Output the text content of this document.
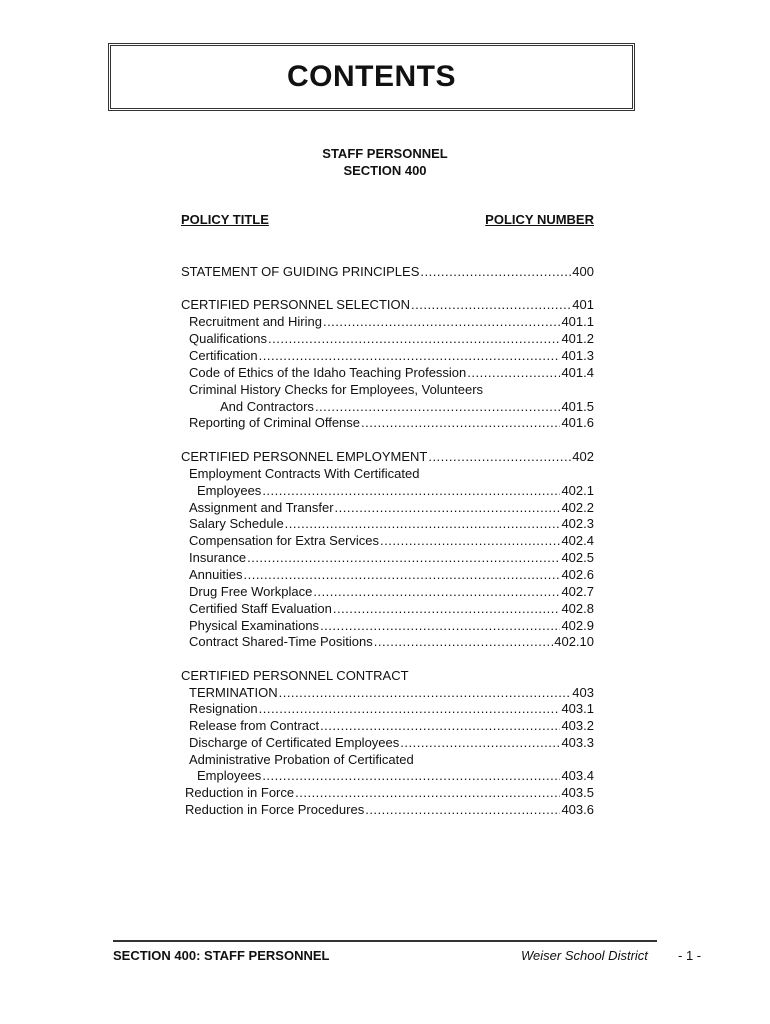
CONTENTS
STAFF PERSONNEL
SECTION 400
POLICY TITLE	POLICY NUMBER
STATEMENT OF GUIDING PRINCIPLES .....	400
CERTIFIED PERSONNEL SELECTION .....	401
Recruitment and Hiring .....	401.1
Qualifications .....	401.2
Certification .....	401.3
Code of Ethics of the Idaho Teaching Profession .....	401.4
Criminal History Checks for Employees, Volunteers
And Contractors .....	401.5
Reporting of Criminal Offense .....	401.6
CERTIFIED PERSONNEL EMPLOYMENT .....	402
Employment Contracts With Certificated
Employees .....	402.1
Assignment and Transfer .....	402.2
Salary Schedule .....	402.3
Compensation for Extra Services .....	402.4
Insurance .....	402.5
Annuities .....	402.6
Drug Free Workplace .....	402.7
Certified Staff Evaluation .....	402.8
Physical Examinations .....	402.9
Contract Shared-Time Positions .....	402.10
CERTIFIED PERSONNEL CONTRACT
TERMINATION .....	403
Resignation .....	403.1
Release from Contract .....	403.2
Discharge of Certificated Employees .....	403.3
Administrative Probation of Certificated
Employees .....	403.4
Reduction in Force .....	403.5
Reduction in Force Procedures .....	403.6
SECTION 400: STAFF PERSONNEL	Weiser School District - 1 -
